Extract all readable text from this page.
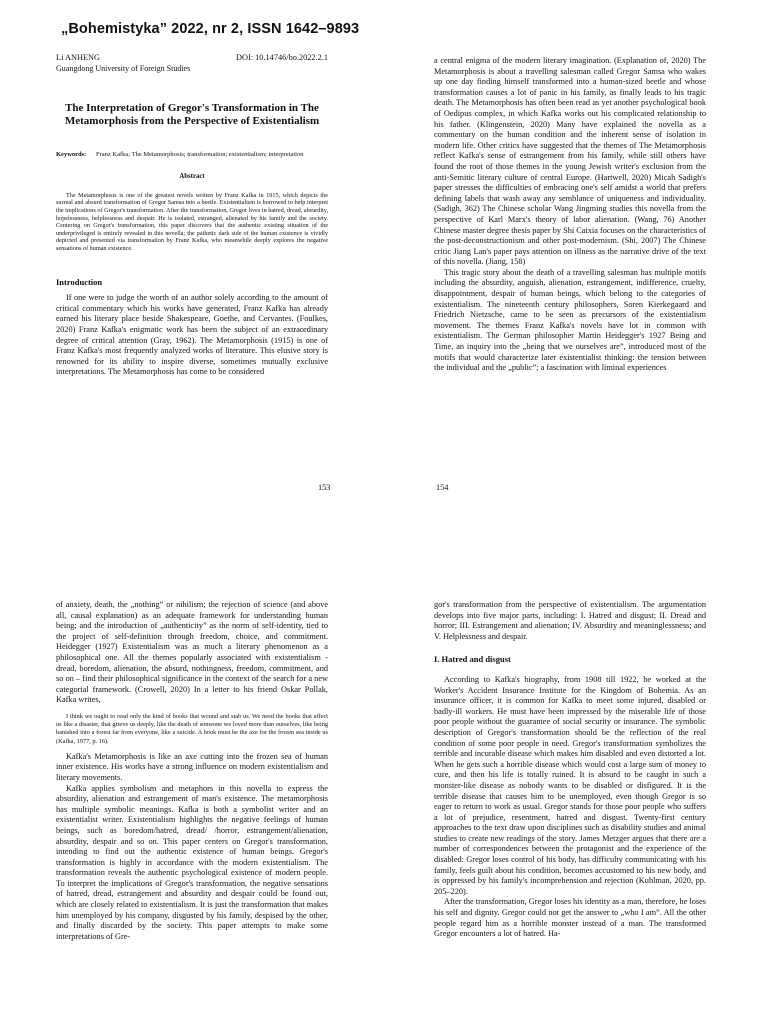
„Bohemistyka” 2022, nr 2, ISSN 1642–9893
Li ANHENG	DOI: 10.14746/bo.2022.2.1
Guangdong University of Foreign Studies
The Interpretation of Gregor's Transformation in The Metamorphosis from the Perspective of Existentialism
Keywords:	Franz Kafka; The Metamorphosis; transformation; existentialism; interpretation
Abstract

The Metamorphosis is one of the greatest novels written by Franz Kafka in 1915, which depicts the surreal and absurd transformation of Gregor Samsa into a beetle. Existentialism is borrowed to help interpret the implications of Gregor's transformation. After the transformation, Gregor lives in hatred, dread, absurdity, hopelessness, helplessness and despair. He is isolated, estranged, alienated by his family and the society. Centering on Gregor's transformation, this paper discovers that the authentic existing situation of the underprivileged is entirely revealed in this novella; the pathetic dark side of the human existence is vividly depicted and presented via transformation by Franz Kafka, who meanwhile deeply explores the negative sensations of human existence.

Introduction

If one were to judge the worth of an author solely according to the amount of critical commentary which his works have generated, Franz Kafka has already earned his literary place beside Shakespeare, Goethe, and Cervantes. (Foulkes, 2020) Franz Kafka's enigmatic work has been the subject of an extraordinary degree of critical attention (Gray, 1962). The Metamorphosis (1915) is one of Franz Kafka's most frequently analyzed works of literature. This elusive story is renowned for its ability to inspire diverse, sometimes mutually exclusive interpretations. The Metamorphosis has come to be considered

153

a central enigma of the modern literary imagination. (Explanation of, 2020) The Metamorphosis is about a travelling salesman called Gregor Samsa who wakes up one day finding himself transformed into a human-sized beetle and whose transformation causes a lot of panic in his family, as finally leads to his tragic death. The Metamorphosis has often been read as yet another psychological book of Oedipus complex, in which Kafka works out his complicated relationship to his father. (Klingenstein, 2020) Many have explained the novella as a commentary on the human condition and the inherent sense of isolation in modern life. Other critics have suggested that the themes of The Metamorphosis reflect Kafka's sense of estrangement from his family, while still others have found the root of those themes in the young Jewish writer's exclusion from the anti-Semitic literary culture of central Europe. (Hartwell, 2020) Micah Sadigh's paper stresses the difficulties of embracing one's self amidst a world that prefers defining labels that wash away any semblance of uniqueness and individuality. (Sadigh, 362) The Chinese scholar Wang Jingming studies this novella from the perspective of Karl Marx's theory of labor alienation. (Wang, 76) Another Chinese master degree thesis paper by Shi Caixia focuses on the characteristics of the post-deconstructionism and other post-modernism. (Shi, 2007) The Chinese critic Jiang Lan's paper pays attention on illness as the narrative drive of the text of this novella. (Jiang, 158)

This tragic story about the death of a travelling salesman has multiple motifs including the absurdity, anguish, alienation, estrangement, indifference, cruelty, disappointment, despair of human beings, which belong to the categories of existentialism. The nineteenth century philosophers, Soren Kierkegaard and Friedrich Nietzsche, came to be seen as precursors of the existentialism movement. The themes Franz Kafka's novels have lot in common with existentialism. The German philosopher Martin Heidegger's 1927 Being and Time, an inquiry into the „being that we ourselves are”, introduced most of the motifs that would characterize later existentialist thinking: the tension between the individual and the „public”; a fascination with liminal experiences

154

of anxiety, death, the „nothing” or nihilism; the rejection of science (and above all, causal explanation) as an adequate framework for understanding human being; and the introduction of „authenticity” as the norm of self-identity, tied to the project of self-definition through freedom, choice, and commitment. Heidegger (1927) Existentialism was as much a literary phenomenon as a philosophical one. All the themes popularly associated with existentialism - dread, boredom, alienation, the absurd, nothingness, freedom, commitment, and so on – find their philosophical significance in the context of the search for a new categorial framework. (Crowell, 2020) In a letter to his friend Oskar Pollak, Kafka writes,

I think we ought to read only the kind of books that wound and stab us. We need the books that affect us like a disaster, that grieve us deeply, like the death of someone we loved more than ourselves, like being banished into a forest far from everyone, like a suicide. A book must be the axe for the frozen sea inside us (Kafka, 1977, p. 16).

Kafka's Metamorphosis is like an axe cutting into the frozen sea of human inner existence. His works have a strong influence on modern existentialism and literary movements.

Kafka applies symbolism and metaphors in this novella to express the absurdity, alienation and estrangement of man's existence. The metamorphosis has multiple symbolic meanings. Kafka is both a symbolist writer and an existentialist writer. Existentialism highlights the negative feelings of human beings, such as boredom/hatred, dread/ /horror, estrangement/alienation, absurdity, despair and so on. This paper centers on Gregor's transformation, intending to find out the authentic existence of human beings. Gregor's transformation is highly in accordance with the modern existentialism. The transformation reveals the authentic psychological existence of modern people. To interpret the implications of Gregor's transformation, the negative sensations of hatred, dread, estrangement and absurdity and despair could be found out, which are closely related to existentialism. It is just the transformation that makes him unemployed by his company, disgusted by his family, despised by the other, and finally discarded by the society. This paper attempts to make some interpretations of Gre-

gor's transformation from the perspective of existentialism. The argumentation develops into five major parts, including: I. Hatred and disgust; II. Dread and horror; III. Estrangement and alienation; IV. Absurdity and meaninglessness; and V. Helplessness and despair.

I. Hatred and disgust

According to Kafka's biography, from 1908 till 1922, he worked at the Worker's Accident Insurance Institute for the Kingdom of Bohemia. As an insurance officer, it is common for Kafka to meet some injured, disabled or badly-ill workers. He must have been impressed by the miserable life of those poor people without the guarantee of social security or insurance. The symbolic description of Gregor's transformation should be the reflection of the real condition of some poor people in need. Gregor's transformation symbolizes the terrible and incurable disease which makes him disabled and even distorted a lot. When he gets such a horrible disease which would cost a large sum of money to cure, and then his life is totally ruined. It is absurd to be caught in such a monster-like disease as nobody wants to be disabled or disfigured. It is the terrible disease that causes him to be unemployed, even though Gregor is so eager to return to work as usual. Gregor stands for those poor people who suffers a lot of prejudice, resentment, hatred and disgust. Twenty-first century approaches to the text draw upon disciplines such as disability studies and animal studies to create new readings of the story. James Metzger argues that there are a number of correspondences between the protagonist and the experience of the disabled: Gregor loses control of his body, has difficulty communicating with his family, feels guilt about his condition, becomes accustomed to his new body, and is oppressed by his family's incomprehension and rejection (Kuhlman, 2020, pp. 205–220).

After the transformation, Gregor loses his identity as a man, therefore, he loses his self and dignity. Gregor could not get the answer to „who I am”. All the other people regard him as a horrible monster instead of a man. The transformed Gregor encounters a lot of hatred. Ha-
